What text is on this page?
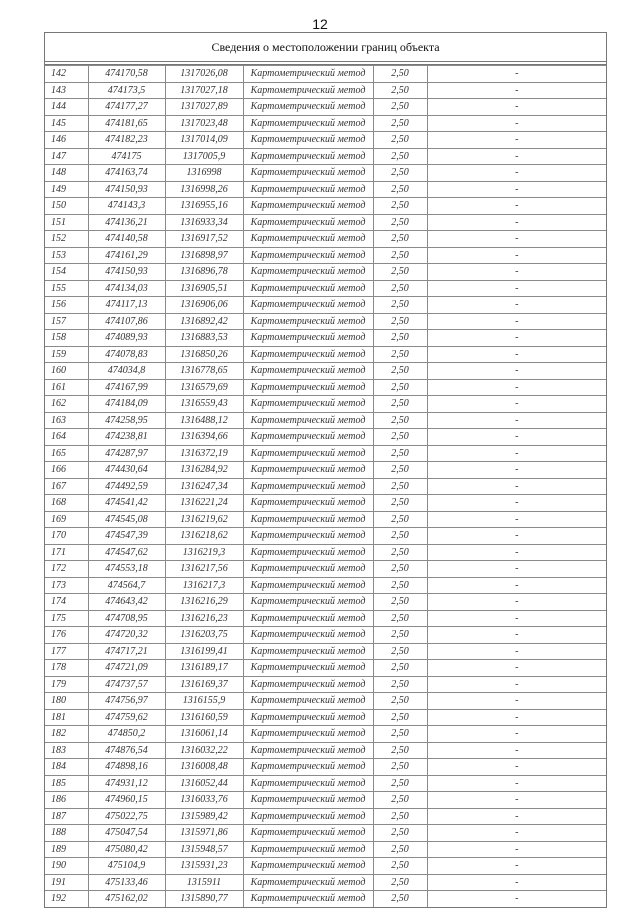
12
Сведения о местоположении границ объекта
142	474170,58	1317026,08	Картометрический метод	2,50	-
143	474173,5	1317027,18	Картометрический метод	2,50	-
144	474177,27	1317027,89	Картометрический метод	2,50	-
145	474181,65	1317023,48	Картометрический метод	2,50	-
146	474182,23	1317014,09	Картометрический метод	2,50	-
147	474175	1317005,9	Картометрический метод	2,50	-
148	474163,74	1316998	Картометрический метод	2,50	-
149	474150,93	1316998,26	Картометрический метод	2,50	-
150	474143,3	1316955,16	Картометрический метод	2,50	-
151	474136,21	1316933,34	Картометрический метод	2,50	-
152	474140,58	1316917,52	Картометрический метод	2,50	-
153	474161,29	1316898,97	Картометрический метод	2,50	-
154	474150,93	1316896,78	Картометрический метод	2,50	-
155	474134,03	1316905,51	Картометрический метод	2,50	-
156	474117,13	1316906,06	Картометрический метод	2,50	-
157	474107,86	1316892,42	Картометрический метод	2,50	-
158	474089,93	1316883,53	Картометрический метод	2,50	-
159	474078,83	1316850,26	Картометрический метод	2,50	-
160	474034,8	1316778,65	Картометрический метод	2,50	-
161	474167,99	1316579,69	Картометрический метод	2,50	-
162	474184,09	1316559,43	Картометрический метод	2,50	-
163	474258,95	1316488,12	Картометрический метод	2,50	-
164	474238,81	1316394,66	Картометрический метод	2,50	-
165	474287,97	1316372,19	Картометрический метод	2,50	-
166	474430,64	1316284,92	Картометрический метод	2,50	-
167	474492,59	1316247,34	Картометрический метод	2,50	-
168	474541,42	1316221,24	Картометрический метод	2,50	-
169	474545,08	1316219,62	Картометрический метод	2,50	-
170	474547,39	1316218,62	Картометрический метод	2,50	-
171	474547,62	1316219,3	Картометрический метод	2,50	-
172	474553,18	1316217,56	Картометрический метод	2,50	-
173	474564,7	1316217,3	Картометрический метод	2,50	-
174	474643,42	1316216,29	Картометрический метод	2,50	-
175	474708,95	1316216,23	Картометрический метод	2,50	-
176	474720,32	1316203,75	Картометрический метод	2,50	-
177	474717,21	1316199,41	Картометрический метод	2,50	-
178	474721,09	1316189,17	Картометрический метод	2,50	-
179	474737,57	1316169,37	Картометрический метод	2,50	-
180	474756,97	1316155,9	Картометрический метод	2,50	-
181	474759,62	1316160,59	Картометрический метод	2,50	-
182	474850,2	1316061,14	Картометрический метод	2,50	-
183	474876,54	1316032,22	Картометрический метод	2,50	-
184	474898,16	1316008,48	Картометрический метод	2,50	-
185	474931,12	1316052,44	Картометрический метод	2,50	-
186	474960,15	1316033,76	Картометрический метод	2,50	-
187	475022,75	1315989,42	Картометрический метод	2,50	-
188	475047,54	1315971,86	Картометрический метод	2,50	-
189	475080,42	1315948,57	Картометрический метод	2,50	-
190	475104,9	1315931,23	Картометрический метод	2,50	-
191	475133,46	1315911	Картометрический метод	2,50	-
192	475162,02	1315890,77	Картометрический метод	2,50	-
